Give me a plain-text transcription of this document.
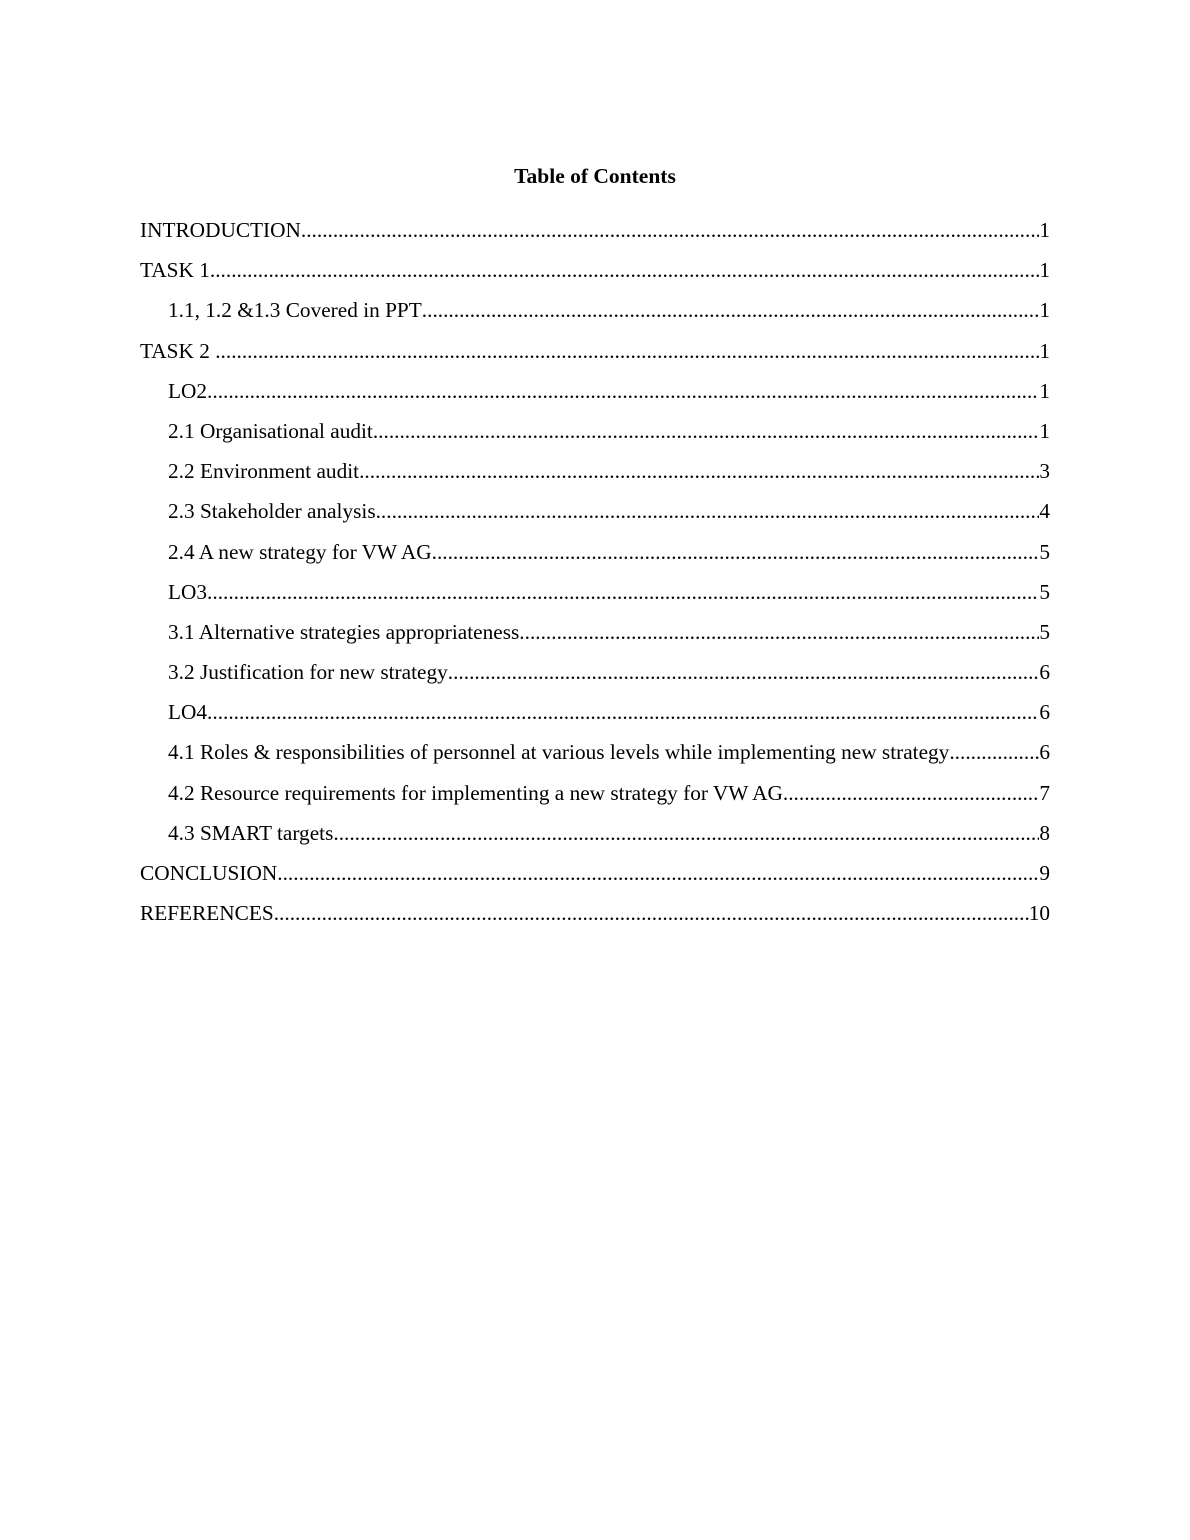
Table of Contents
INTRODUCTION .....	1
TASK 1 .....	1
1.1, 1.2 &1.3 Covered in PPT .....	1
TASK 2 .....	1
LO2 .....	1
2.1 Organisational audit .....	1
2.2 Environment audit .....	3
2.3 Stakeholder analysis .....	4
2.4 A new strategy for VW AG .....	5
LO3 .....	5
3.1 Alternative strategies appropriateness .....	5
3.2 Justification for new strategy .....	6
LO4 .....	6
4.1 Roles & responsibilities of personnel at various levels while implementing new strategy .....	6
4.2 Resource requirements for implementing a new strategy for VW AG .....	7
4.3 SMART targets .....	8
CONCLUSION .....	9
REFERENCES .....	10
